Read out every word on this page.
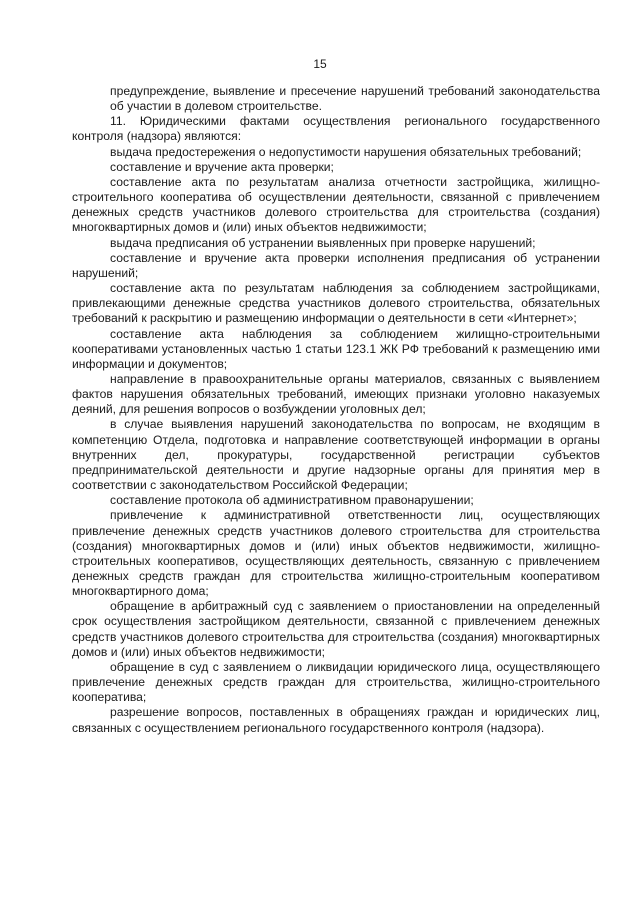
15

предупреждение, выявление и пресечение нарушений требований законодательства об участии в долевом строительстве.

11. Юридическими фактами осуществления регионального государственного контроля (надзора) являются:

выдача предостережения о недопустимости нарушения обязательных требований;

составление и вручение акта проверки;

составление акта по результатам анализа отчетности застройщика, жилищно-строительного кооператива об осуществлении деятельности, связанной с привлечением денежных средств участников долевого строительства для строительства (создания) многоквартирных домов и (или) иных объектов недвижимости;

выдача предписания об устранении выявленных при проверке нарушений;

составление и вручение акта проверки исполнения предписания об устранении нарушений;

составление акта по результатам наблюдения за соблюдением застройщиками, привлекающими денежные средства участников долевого строительства, обязательных требований к раскрытию и размещению информации о деятельности в сети «Интернет»;

составление акта наблюдения за соблюдением жилищно-строительными кооперативами установленных частью 1 статьи 123.1 ЖК РФ требований к размещению ими информации и документов;

направление в правоохранительные органы материалов, связанных с выявлением фактов нарушения обязательных требований, имеющих признаки уголовно наказуемых деяний, для решения вопросов о возбуждении уголовных дел;

в случае выявления нарушений законодательства по вопросам, не входящим в компетенцию Отдела, подготовка и направление соответствующей информации в органы внутренних дел, прокуратуры, государственной регистрации субъектов предпринимательской деятельности и другие надзорные органы для принятия мер в соответствии с законодательством Российской Федерации;

составление протокола об административном правонарушении;

привлечение к административной ответственности лиц, осуществляющих привлечение денежных средств участников долевого строительства для строительства (создания) многоквартирных домов и (или) иных объектов недвижимости, жилищно-строительных кооперативов, осуществляющих деятельность, связанную с привлечением денежных средств граждан для строительства жилищно-строительным кооперативом многоквартирного дома;

обращение в арбитражный суд с заявлением о приостановлении на определенный срок осуществления застройщиком деятельности, связанной с привлечением денежных средств участников долевого строительства для строительства (создания) многоквартирных домов и (или) иных объектов недвижимости;

обращение в суд с заявлением о ликвидации юридического лица, осуществляющего привлечение денежных средств граждан для строительства, жилищно-строительного кооператива;

разрешение вопросов, поставленных в обращениях граждан и юридических лиц, связанных с осуществлением регионального государственного контроля (надзора).
